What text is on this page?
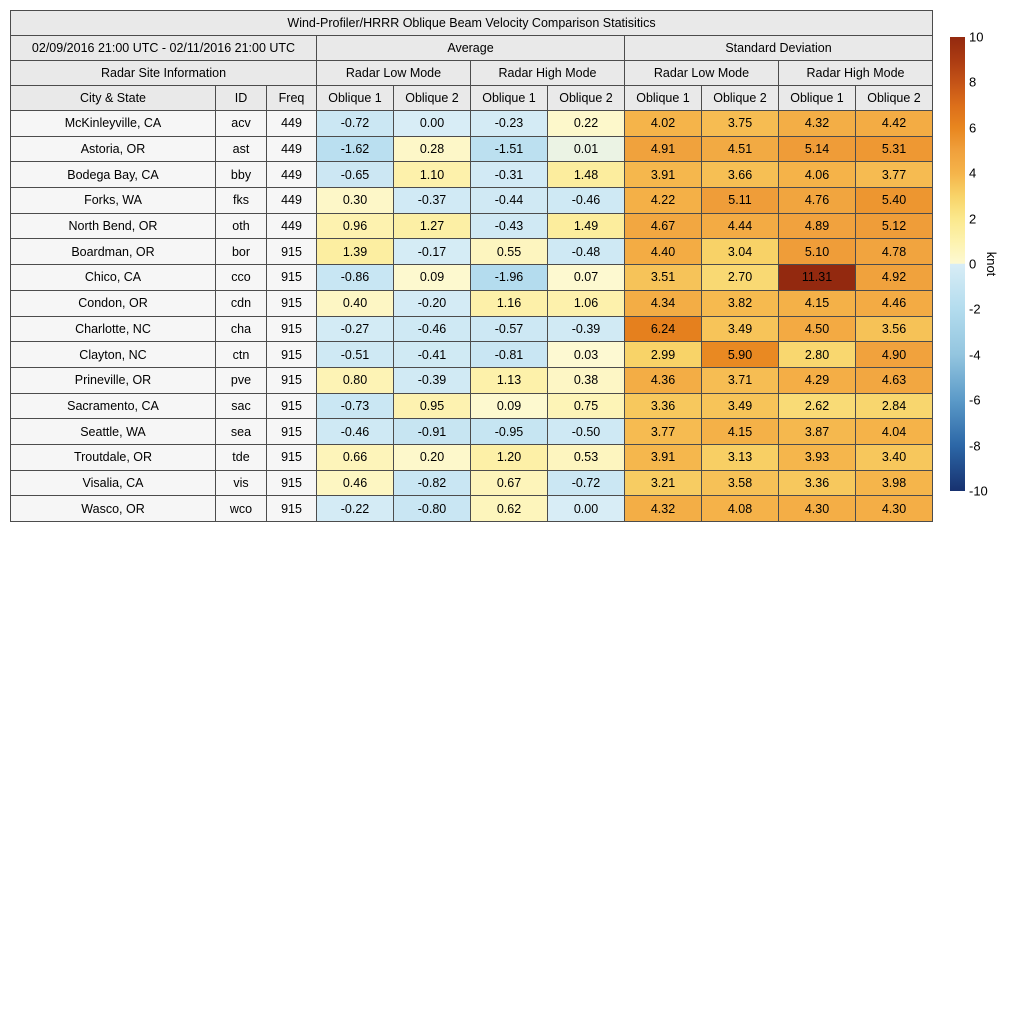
Wind-Profiler/HRRR Oblique Beam Velocity Comparison Statisitics										
02/09/2016 21:00 UTC - 02/11/2016 21:00 UTC			Average				Standard Deviation			
Radar Site Information			Radar Low Mode		Radar High Mode		Radar Low Mode		Radar High Mode	
City & State	ID	Freq	Oblique 1	Oblique 2	Oblique 1	Oblique 2	Oblique 1	Oblique 2	Oblique 1	Oblique 2
McKinleyville, CA	acv	449	-0.72	0.00	-0.23	0.22	4.02	3.75	4.32	4.42
Astoria, OR	ast	449	-1.62	0.28	-1.51	0.01	4.91	4.51	5.14	5.31
Bodega Bay, CA	bby	449	-0.65	1.10	-0.31	1.48	3.91	3.66	4.06	3.77
Forks, WA	fks	449	0.30	-0.37	-0.44	-0.46	4.22	5.11	4.76	5.40
North Bend, OR	oth	449	0.96	1.27	-0.43	1.49	4.67	4.44	4.89	5.12
Boardman, OR	bor	915	1.39	-0.17	0.55	-0.48	4.40	3.04	5.10	4.78
Chico, CA	cco	915	-0.86	0.09	-1.96	0.07	3.51	2.70	11.31	4.92
Condon, OR	cdn	915	0.40	-0.20	1.16	1.06	4.34	3.82	4.15	4.46
Charlotte, NC	cha	915	-0.27	-0.46	-0.57	-0.39	6.24	3.49	4.50	3.56
Clayton, NC	ctn	915	-0.51	-0.41	-0.81	0.03	2.99	5.90	2.80	4.90
Prineville, OR	pve	915	0.80	-0.39	1.13	0.38	4.36	3.71	4.29	4.63
Sacramento, CA	sac	915	-0.73	0.95	0.09	0.75	3.36	3.49	2.62	2.84
Seattle, WA	sea	915	-0.46	-0.91	-0.95	-0.50	3.77	4.15	3.87	4.04
Troutdale, OR	tde	915	0.66	0.20	1.20	0.53	3.91	3.13	3.93	3.40
Visalia, CA	vis	915	0.46	-0.82	0.67	-0.72	3.21	3.58	3.36	3.98
Wasco, OR	wco	915	-0.22	-0.80	0.62	0.00	4.32	4.08	4.30	4.30
10
8
6
4
2
0
-2
-4
-6
-8
-10
knot
